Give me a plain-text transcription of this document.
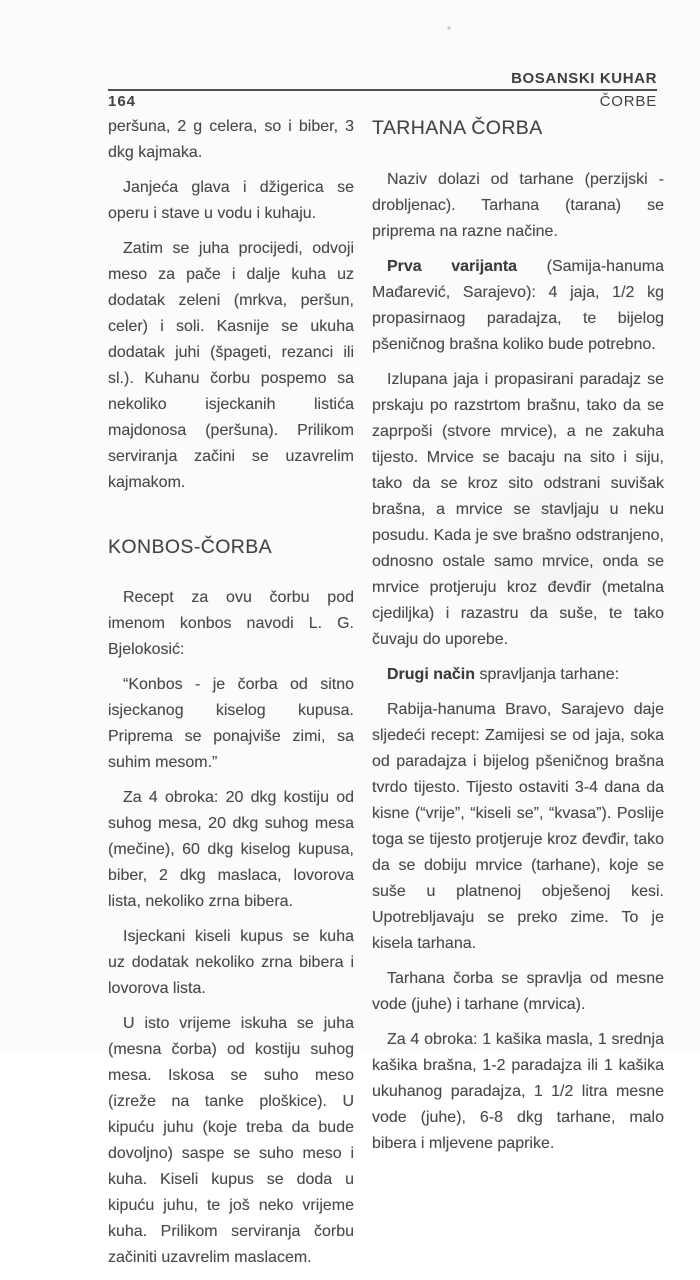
BOSANSKI KUHAR
164	ČORBE

peršuna, 2 g celera, so i biber, 3 dkg kajmaka.

Janjeća glava i džigerica se operu i stave u vodu i kuhaju.

Zatim se juha procijedi, odvoji meso za pače i dalje kuha uz dodatak zeleni (mrkva, peršun, celer) i soli. Kasnije se ukuha dodatak juhi (špageti, rezanci ili sl.). Kuhanu čorbu pospemo sa nekoliko isjeckanih listića majdonosa (peršuna). Prilikom serviranja začini se uzavrelim kajmakom.

KONBOS-ČORBA

Recept za ovu čorbu pod imenom konbos navodi L. G. Bjelokosić:

“Konbos - je čorba od sitno isjeckanog kiselog kupusa. Priprema se ponajviše zimi, sa suhim mesom.”

Za 4 obroka: 20 dkg kostiju od suhog mesa, 20 dkg suhog mesa (mečine), 60 dkg kiselog kupusa, biber, 2 dkg maslaca, lovorova lista, nekoliko zrna bibera.

Isjeckani kiseli kupus se kuha uz dodatak nekoliko zrna bibera i lovorova lista.

U isto vrijeme iskuha se juha (mesna čorba) od kostiju suhog mesa. Iskosa se suho meso (izreže na tanke ploškice). U kipuću juhu (koje treba da bude dovoljno) saspe se suho meso i kuha. Kiseli kupus se doda u kipuću juhu, te još neko vrijeme kuha. Prilikom serviranja čorbu začiniti uzavrelim maslacem.

TARHANA ČORBA

Naziv dolazi od tarhane (perzijski - drobljenac). Tarhana (tarana) se priprema na razne načine.

Prva varijanta (Samija-hanuma Mađarević, Sarajevo): 4 jaja, 1/2 kg propasirnaog paradajza, te bijelog pšeničnog brašna koliko bude potrebno.

Izlupana jaja i propasirani paradajz se prskaju po razstrtom brašnu, tako da se zaprpoši (stvore mrvice), a ne zakuha tijesto. Mrvice se bacaju na sito i siju, tako da se kroz sito odstrani suvišak brašna, a mrvice se stavljaju u neku posudu. Kada je sve brašno odstranjeno, odnosno ostale samo mrvice, onda se mrvice protjeruju kroz đevđir (metalna cjediljka) i razastru da suše, te tako čuvaju do uporebe.

Drugi način spravljanja tarhane:

Rabija-hanuma Bravo, Sarajevo daje sljedeći recept: Zamijesi se od jaja, soka od paradajza i bijelog pšeničnog brašna tvrdo tijesto. Tijesto ostaviti 3-4 dana da kisne (“vrije”, “kiseli se”, “kvasa”). Poslije toga se tijesto protjeruje kroz đevđir, tako da se dobiju mrvice (tarhane), koje se suše u platnenoj obješenoj kesi. Upotrebljavaju se preko zime. To je kisela tarhana.

Tarhana čorba se spravlja od mesne vode (juhe) i tarhane (mrvica).

Za 4 obroka: 1 kašika masla, 1 srednja kašika brašna, 1-2 paradajza ili 1 kašika ukuhanog paradajza, 1 1/2 litra mesne vode (juhe), 6-8 dkg tarhane, malo bibera i mljevene paprike.
